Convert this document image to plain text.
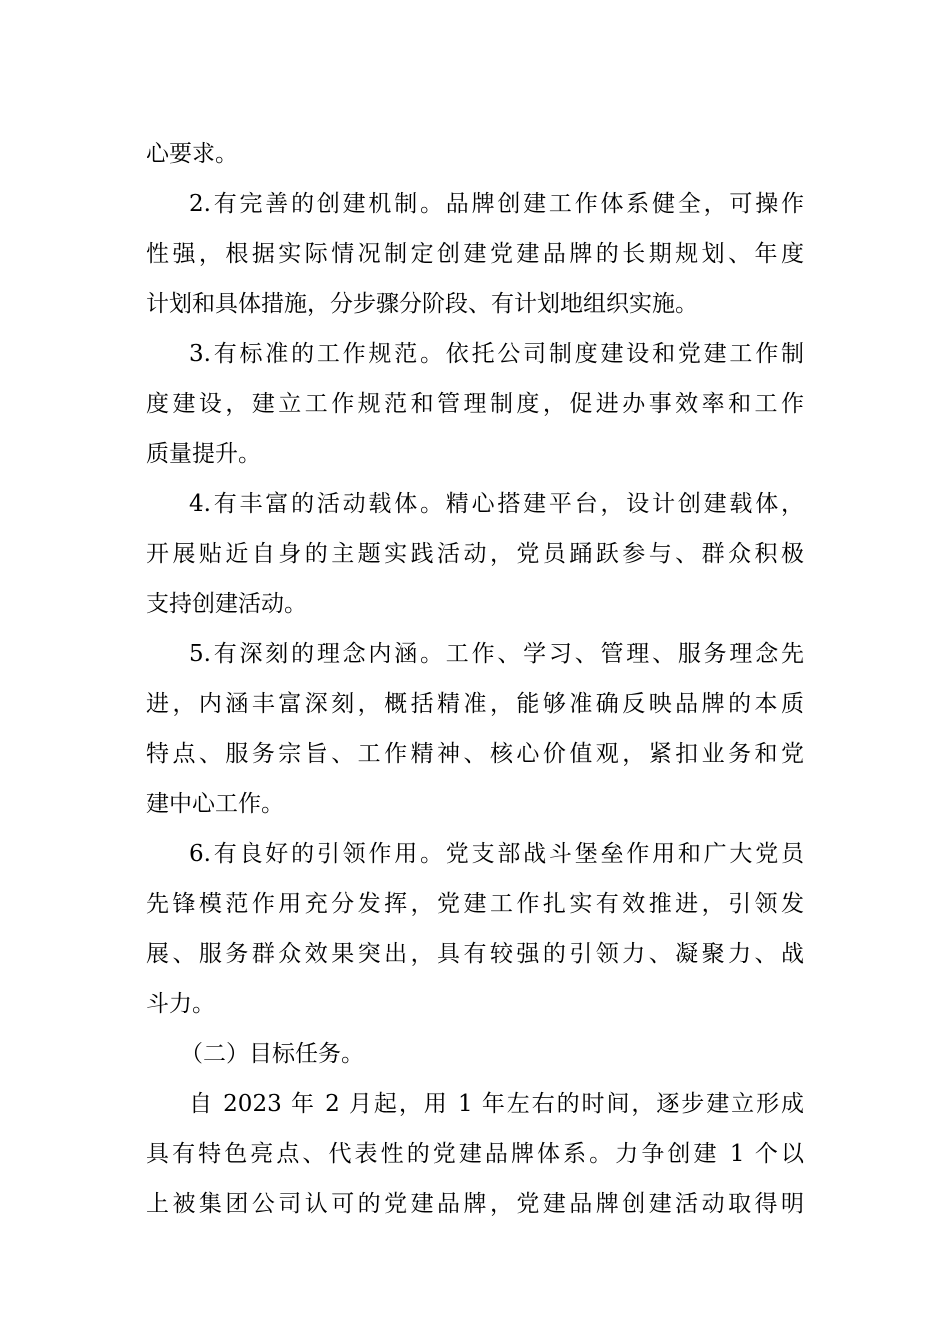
心要求。
2.有完善的创建机制。品牌创建工作体系健全，可操作
性强，根据实际情况制定创建党建品牌的长期规划、年度
计划和具体措施，分步骤分阶段、有计划地组织实施。
3.有标准的工作规范。依托公司制度建设和党建工作制
度建设，建立工作规范和管理制度，促进办事效率和工作
质量提升。
4.有丰富的活动载体。精心搭建平台，设计创建载体，
开展贴近自身的主题实践活动，党员踊跃参与、群众积极
支持创建活动。
5.有深刻的理念内涵。工作、学习、管理、服务理念先
进，内涵丰富深刻，概括精准，能够准确反映品牌的本质
特点、服务宗旨、工作精神、核心价值观，紧扣业务和党
建中心工作。
6.有良好的引领作用。党支部战斗堡垒作用和广大党员
先锋模范作用充分发挥，党建工作扎实有效推进，引领发
展、服务群众效果突出，具有较强的引领力、凝聚力、战
斗力。
（二）目标任务。
自 2023 年 2 月起，用 1 年左右的时间，逐步建立形成
具有特色亮点、代表性的党建品牌体系。力争创建 1 个以
上被集团公司认可的党建品牌，党建品牌创建活动取得明
